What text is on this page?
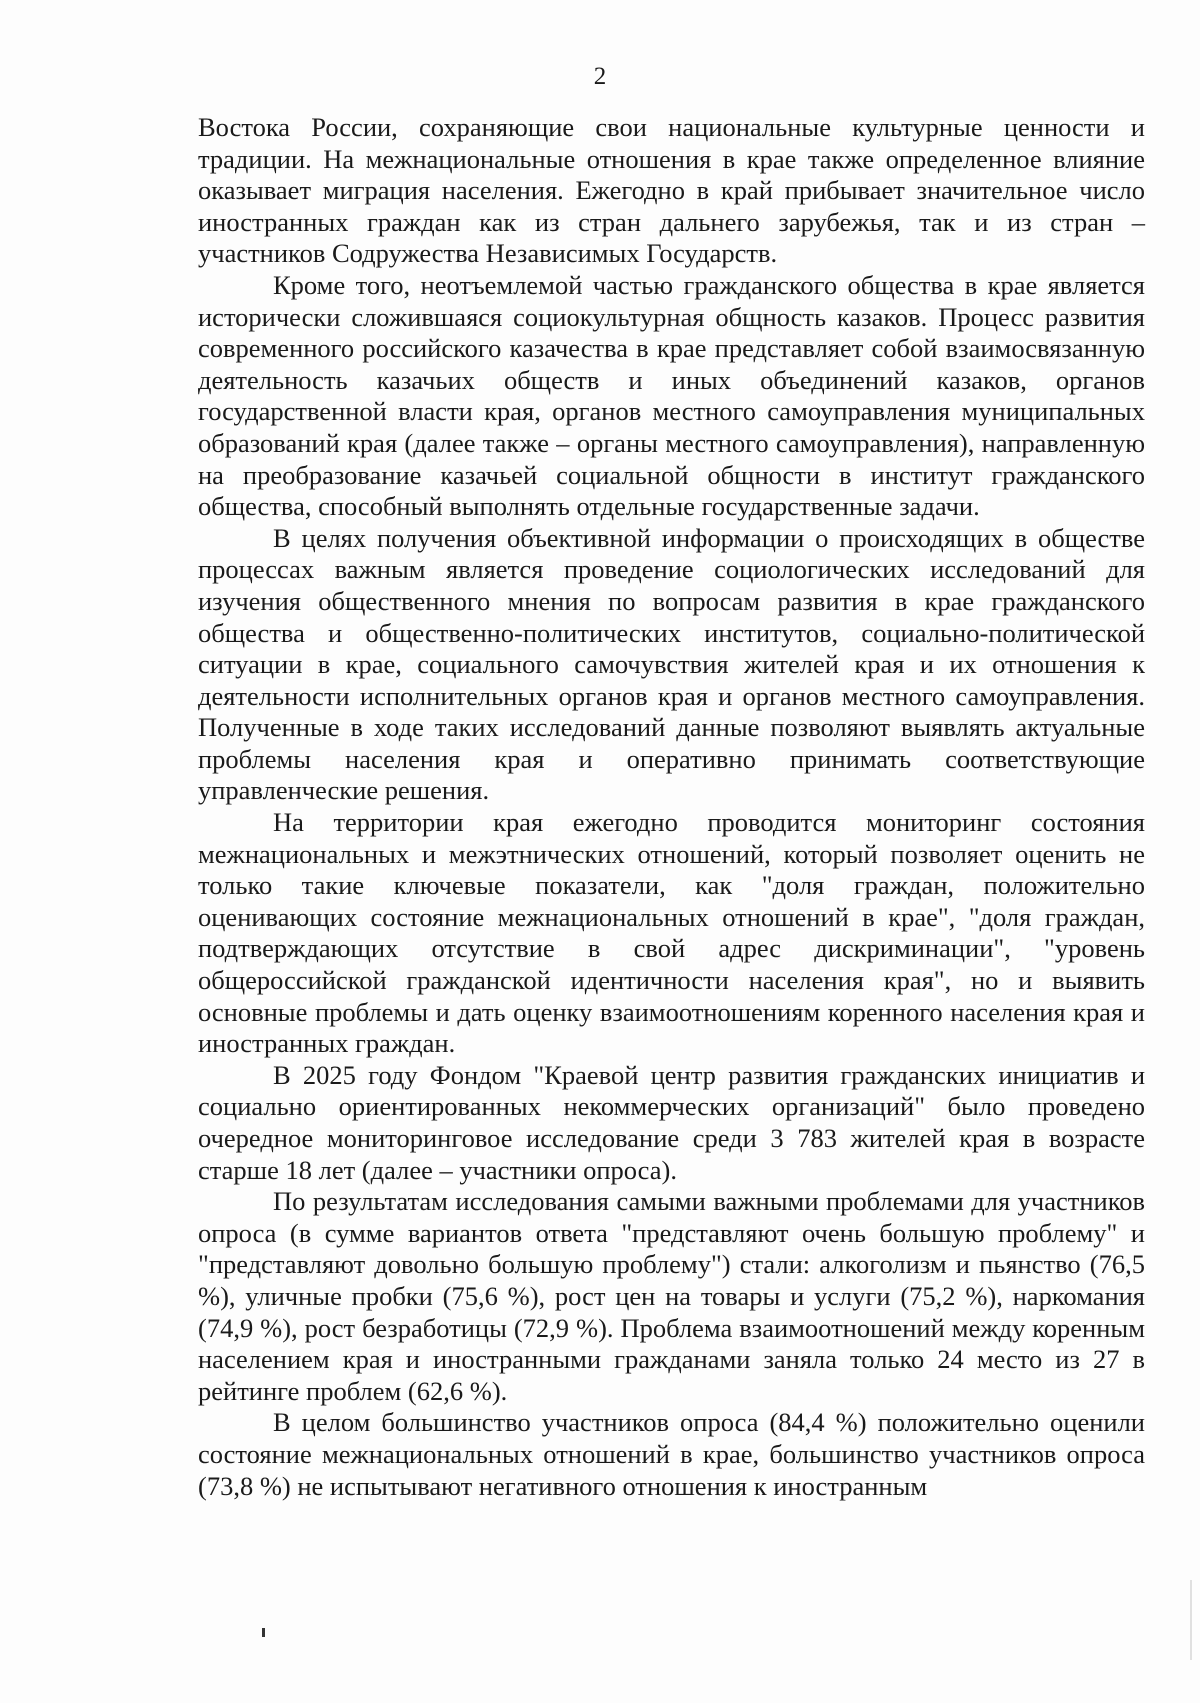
2

Востока России, сохраняющие свои национальные культурные ценности и традиции. На межнациональные отношения в крае также определенное влияние оказывает миграция населения. Ежегодно в край прибывает значительное число иностранных граждан как из стран дальнего зарубежья, так и из стран – участников Содружества Независимых Государств.

Кроме того, неотъемлемой частью гражданского общества в крае является исторически сложившаяся социокультурная общность казаков. Процесс развития современного российского казачества в крае представляет собой взаимосвязанную деятельность казачьих обществ и иных объединений казаков, органов государственной власти края, органов местного самоуправления муниципальных образований края (далее также – органы местного самоуправления), направленную на преобразование казачьей социальной общности в институт гражданского общества, способный выполнять отдельные государственные задачи.

В целях получения объективной информации о происходящих в обществе процессах важным является проведение социологических исследований для изучения общественного мнения по вопросам развития в крае гражданского общества и общественно-политических институтов, социально-политической ситуации в крае, социального самочувствия жителей края и их отношения к деятельности исполнительных органов края и органов местного самоуправления. Полученные в ходе таких исследований данные позволяют выявлять актуальные проблемы населения края и оперативно принимать соответствующие управленческие решения.

На территории края ежегодно проводится мониторинг состояния межнациональных и межэтнических отношений, который позволяет оценить не только такие ключевые показатели, как "доля граждан, положительно оценивающих состояние межнациональных отношений в крае", "доля граждан, подтверждающих отсутствие в свой адрес дискриминации", "уровень общероссийской гражданской идентичности населения края", но и выявить основные проблемы и дать оценку взаимоотношениям коренного населения края и иностранных граждан.

В 2025 году Фондом "Краевой центр развития гражданских инициатив и социально ориентированных некоммерческих организаций" было проведено очередное мониторинговое исследование среди 3 783 жителей края в возрасте старше 18 лет (далее – участники опроса).

По результатам исследования самыми важными проблемами для участников опроса (в сумме вариантов ответа "представляют очень большую проблему" и "представляют довольно большую проблему") стали: алкоголизм и пьянство (76,5 %), уличные пробки (75,6 %), рост цен на товары и услуги (75,2 %), наркомания (74,9 %), рост безработицы (72,9 %). Проблема взаимоотношений между коренным населением края и иностранными гражданами заняла только 24 место из 27 в рейтинге проблем (62,6 %).

В целом большинство участников опроса (84,4 %) положительно оценили состояние межнациональных отношений в крае, большинство участников опроса (73,8 %) не испытывают негативного отношения к иностранным
